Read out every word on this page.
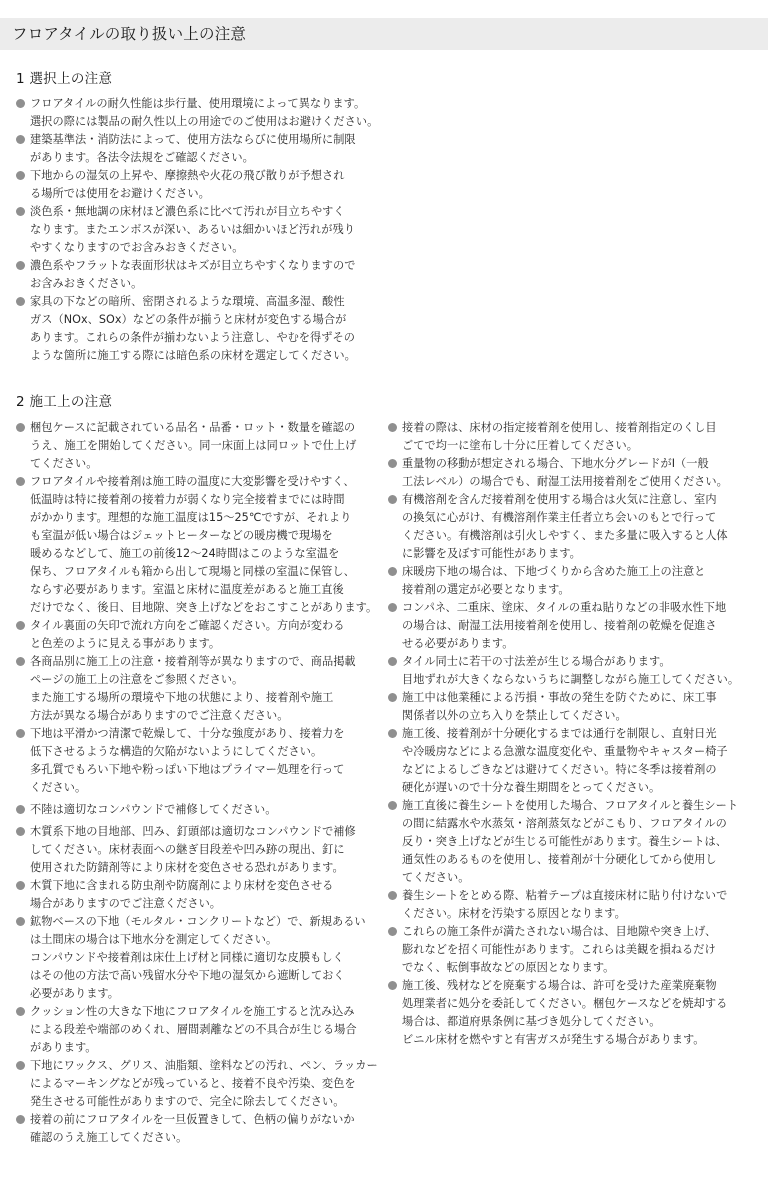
フロアタイルの取り扱い上の注意
1 選択上の注意
フロアタイルの耐久性能は歩行量、使用環境によって異なります。
選択の際には製品の耐久性以上の用途でのご使用はお避けください。
建築基準法・消防法によって、使用方法ならびに使用場所に制限
があります。各法令法規をご確認ください。
下地からの湿気の上昇や、摩擦熱や火花の飛び散りが予想され
る場所では使用をお避けください。
淡色系・無地調の床材ほど濃色系に比べて汚れが目立ちやすく
なります。またエンボスが深い、あるいは細かいほど汚れが残り
やすくなりますのでお含みおきください。
濃色系やフラットな表面形状はキズが目立ちやすくなりますので
お含みおきください。
家具の下などの暗所、密閉されるような環境、高温多湿、酸性
ガス（NOx、SOx）などの条件が揃うと床材が変色する場合が
あります。これらの条件が揃わないよう注意し、やむを得ずその
ような箇所に施工する際には暗色系の床材を選定してください。
2 施工上の注意
梱包ケースに記載されている品名・品番・ロット・数量を確認の
うえ、施工を開始してください。同一床面上は同ロットで仕上げ
てください。
フロアタイルや接着剤は施工時の温度に大変影響を受けやすく、
低温時は特に接着剤の接着力が弱くなり完全接着までには時間
がかかります。理想的な施工温度は15〜25℃ですが、それより
も室温が低い場合はジェットヒーターなどの暖房機で現場を
暖めるなどして、施工の前後12〜24時間はこのような室温を
保ち、フロアタイルも箱から出して現場と同様の室温に保管し、
ならす必要があります。室温と床材に温度差があると施工直後
だけでなく、後日、目地隙、突き上げなどをおこすことがあります。
タイル裏面の矢印で流れ方向をご確認ください。方向が変わる
と色差のように見える事があります。
各商品別に施工上の注意・接着剤等が異なりますので、商品掲載
ページの施工上の注意をご参照ください。
また施工する場所の環境や下地の状態により、接着剤や施工
方法が異なる場合がありますのでご注意ください。
下地は平滑かつ清潔で乾燥して、十分な強度があり、接着力を
低下させるような構造的欠陥がないようにしてください。
多孔質でもろい下地や粉っぽい下地はプライマー処理を行って
ください。
不陸は適切なコンパウンドで補修してください。
木質系下地の目地部、凹み、釘頭部は適切なコンパウンドで補修
してください。床材表面への継ぎ目段差や凹み跡の現出、釘に
使用された防錆剤等により床材を変色させる恐れがあります。
木質下地に含まれる防虫剤や防腐剤により床材を変色させる
場合がありますのでご注意ください。
鉱物ベースの下地（モルタル・コンクリートなど）で、新規あるい
は土間床の場合は下地水分を測定してください。
コンパウンドや接着剤は床仕上げ材と同様に適切な皮膜もしく
はその他の方法で高い残留水分や下地の湿気から遮断しておく
必要があります。
クッション性の大きな下地にフロアタイルを施工すると沈み込み
による段差や端部のめくれ、層間剥離などの不具合が生じる場合
があります。
下地にワックス、グリス、油脂類、塗料などの汚れ、ペン、ラッカー
によるマーキングなどが残っていると、接着不良や汚染、変色を
発生させる可能性がありますので、完全に除去してください。
接着の前にフロアタイルを一旦仮置きして、色柄の偏りがないか
確認のうえ施工してください。
接着の際は、床材の指定接着剤を使用し、接着剤指定のくし目
ごてで均一に塗布し十分に圧着してください。
重量物の移動が想定される場合、下地水分グレードがⅠ（一般
工法レベル）の場合でも、耐湿工法用接着剤をご使用ください。
有機溶剤を含んだ接着剤を使用する場合は火気に注意し、室内
の換気に心がけ、有機溶剤作業主任者立ち会いのもとで行って
ください。有機溶剤は引火しやすく、また多量に吸入すると人体
に影響を及ぼす可能性があります。
床暖房下地の場合は、下地づくりから含めた施工上の注意と
接着剤の選定が必要となります。
コンパネ、二重床、塗床、タイルの重ね貼りなどの非吸水性下地
の場合は、耐湿工法用接着剤を使用し、接着剤の乾燥を促進さ
せる必要があります。
タイル同士に若干の寸法差が生じる場合があります。
目地ずれが大きくならないうちに調整しながら施工してください。
施工中は他業種による汚損・事故の発生を防ぐために、床工事
関係者以外の立ち入りを禁止してください。
施工後、接着剤が十分硬化するまでは通行を制限し、直射日光
や冷暖房などによる急激な温度変化や、重量物やキャスター椅子
などによるしごきなどは避けてください。特に冬季は接着剤の
硬化が遅いので十分な養生期間をとってください。
施工直後に養生シートを使用した場合、フロアタイルと養生シート
の間に結露水や水蒸気・溶剤蒸気などがこもり、フロアタイルの
反り・突き上げなどが生じる可能性があります。養生シートは、
通気性のあるものを使用し、接着剤が十分硬化してから使用し
てください。
養生シートをとめる際、粘着テープは直接床材に貼り付けないで
ください。床材を汚染する原因となります。
これらの施工条件が満たされない場合は、目地隙や突き上げ、
膨れなどを招く可能性があります。これらは美観を損ねるだけ
でなく、転倒事故などの原因となります。
施工後、残材などを廃棄する場合は、許可を受けた産業廃棄物
処理業者に処分を委託してください。梱包ケースなどを焼却する
場合は、都道府県条例に基づき処分してください。
ビニル床材を燃やすと有害ガスが発生する場合があります。
